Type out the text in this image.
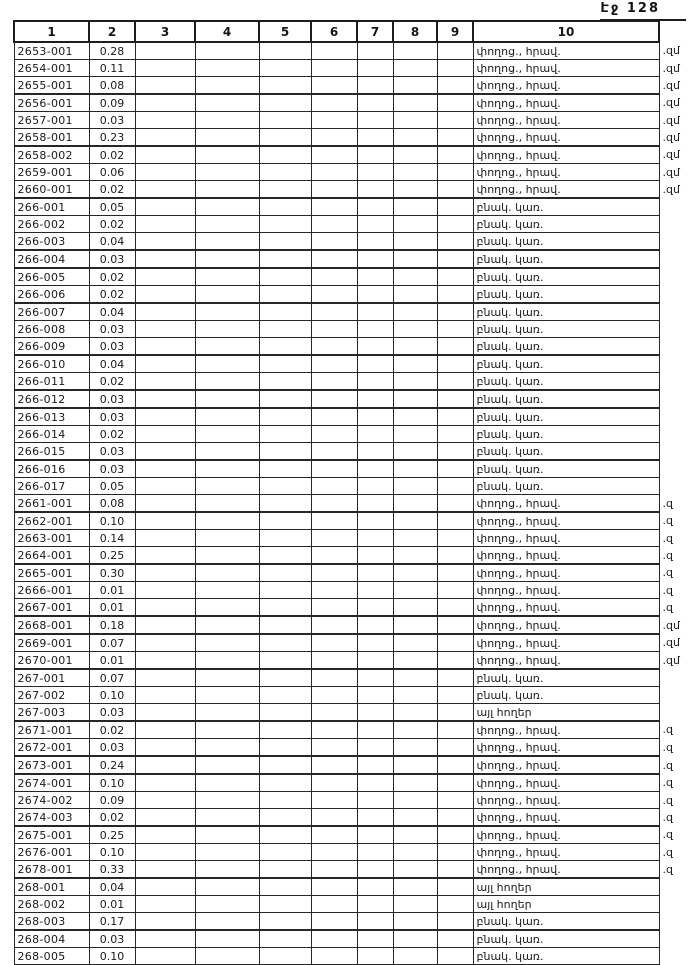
Էջ 128
1	2	3	4	5	6	7	8	9	10	
2653-001	0.28								փողոց., հրավ.	.զմ
2654-001	0.11								փողոց., հրավ.	.զմ
2655-001	0.08								փողոց., հրավ.	.զմ
2656-001	0.09								փողոց., հրավ.	.զմ
2657-001	0.03								փողոց., հրավ.	.զմ
2658-001	0.23								փողոց., հրավ.	.զմ
2658-002	0.02								փողոց., հրավ.	.զմ
2659-001	0.06								փողոց., հրավ.	.զմ
2660-001	0.02								փողոց., հրավ.	.զմ
266-001	0.05								բնակ. կառ.	
266-002	0.02								բնակ. կառ.	
266-003	0.04								բնակ. կառ.	
266-004	0.03								բնակ. կառ.	
266-005	0.02								բնակ. կառ.	
266-006	0.02								բնակ. կառ.	
266-007	0.04								բնակ. կառ.	
266-008	0.03								բնակ. կառ.	
266-009	0.03								բնակ. կառ.	
266-010	0.04								բնակ. կառ.	
266-011	0.02								բնակ. կառ.	
266-012	0.03								բնակ. կառ.	
266-013	0.03								բնակ. կառ.	
266-014	0.02								բնակ. կառ.	
266-015	0.03								բնակ. կառ.	
266-016	0.03								բնակ. կառ.	
266-017	0.05								բնակ. կառ.	
2661-001	0.08								փողոց., հրավ.	.զ
2662-001	0.10								փողոց., հրավ.	.զ
2663-001	0.14								փողոց., հրավ.	.զ
2664-001	0.25								փողոց., հրավ.	.զ
2665-001	0.30								փողոց., հրավ.	.զ
2666-001	0.01								փողոց., հրավ.	.զ
2667-001	0.01								փողոց., հրավ.	.զ
2668-001	0.18								փողոց., հրավ.	.զմ
2669-001	0.07								փողոց., հրավ.	.զմ
2670-001	0.01								փողոց., հրավ.	.զմ
267-001	0.07								բնակ. կառ.	
267-002	0.10								բնակ. կառ.	
267-003	0.03								այլ հողեր	
2671-001	0.02								փողոց., հրավ.	.զ
2672-001	0.03								փողոց., հրավ.	.զ
2673-001	0.24								փողոց., հրավ.	.զ
2674-001	0.10								փողոց., հրավ.	.զ
2674-002	0.09								փողոց., հրավ.	.զ
2674-003	0.02								փողոց., հրավ.	.զ
2675-001	0.25								փողոց., հրավ.	.զ
2676-001	0.10								փողոց., հրավ.	.զ
2678-001	0.33								փողոց., հրավ.	.զ
268-001	0.04								այլ հողեր	
268-002	0.01								այլ հողեր	
268-003	0.17								բնակ. կառ.	
268-004	0.03								բնակ. կառ.	
268-005	0.10								բնակ. կառ.	
